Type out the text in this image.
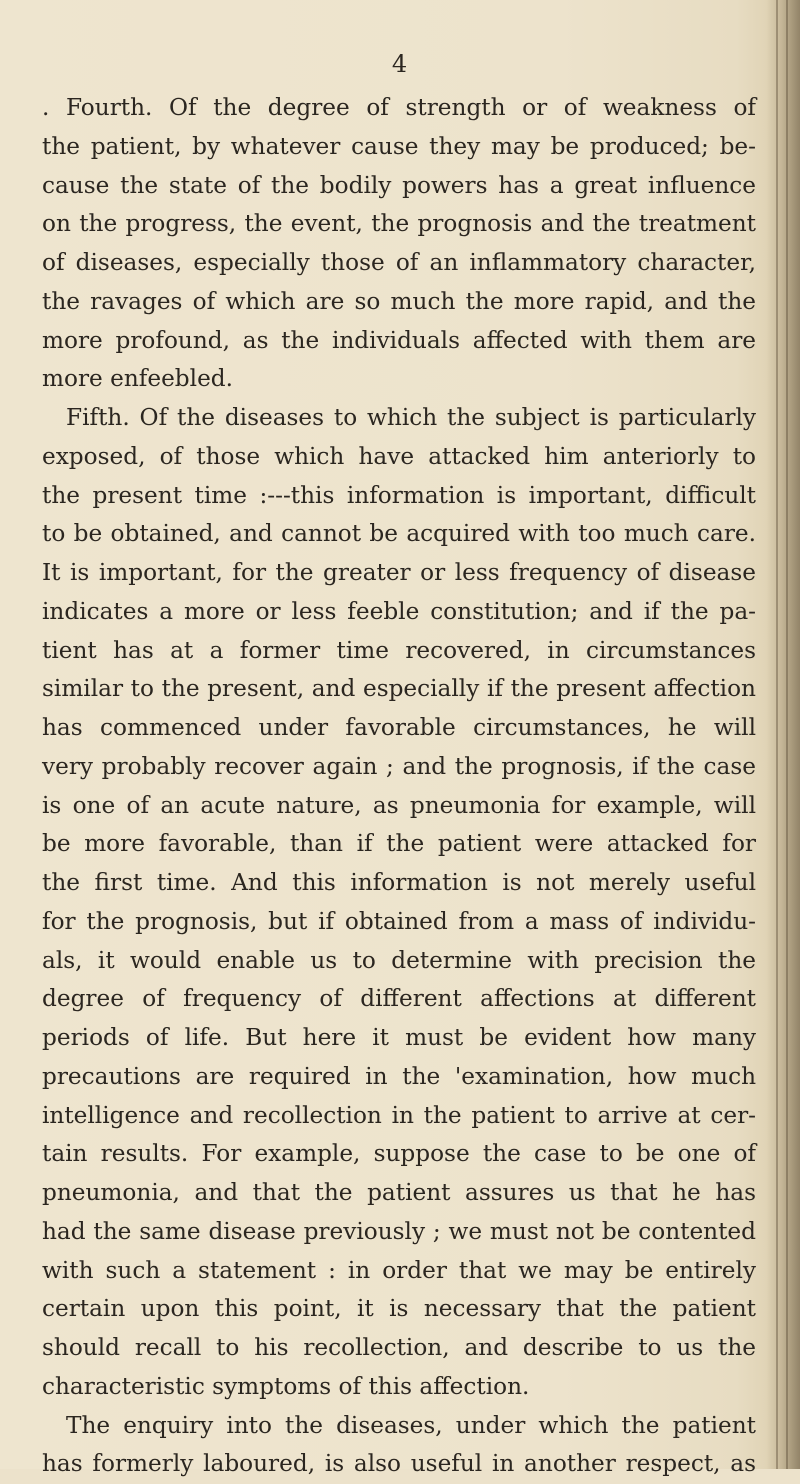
4
. Fourth. Of the degree of strength or of weakness of
the patient, by whatever cause they may be produced; be-
cause the state of the bodily powers has a great influence
on the progress, the event, the prognosis and the treatment
of diseases, especially those of an inflammatory character,
the ravages of which are so much the more rapid, and the
more profound, as the individuals affected with them are
more enfeebled.
Fifth. Of the diseases to which the subject is particularly
exposed, of those which have attacked him anteriorly to
the present time :---this information is important, difficult
to be obtained, and cannot be acquired with too much care.
It is important, for the greater or less frequency of disease
indicates a more or less feeble constitution; and if the pa-
tient has at a former time recovered, in circumstances
similar to the present, and especially if the present affection
has commenced under favorable circumstances, he will
very probably recover again ; and the prognosis, if the case
is one of an acute nature, as pneumonia for example, will
be more favorable, than if the patient were attacked for
the first time. And this information is not merely useful
for the prognosis, but if obtained from a mass of individu-
als, it would enable us to determine with precision the
degree of frequency of different affections at different
periods of life. But here it must be evident how many
precautions are required in the 'examination, how much
intelligence and recollection in the patient to arrive at cer-
tain results. For example, suppose the case to be one of
pneumonia, and that the patient assures us that he has
had the same disease previously ; we must not be contented
with such a statement : in order that we may be entirely
certain upon this point, it is necessary that the patient
should recall to his recollection, and describe to us the
characteristic symptoms of this affection.
The enquiry into the diseases, under which the patient
has formerly laboured, is also useful in another respect, as
